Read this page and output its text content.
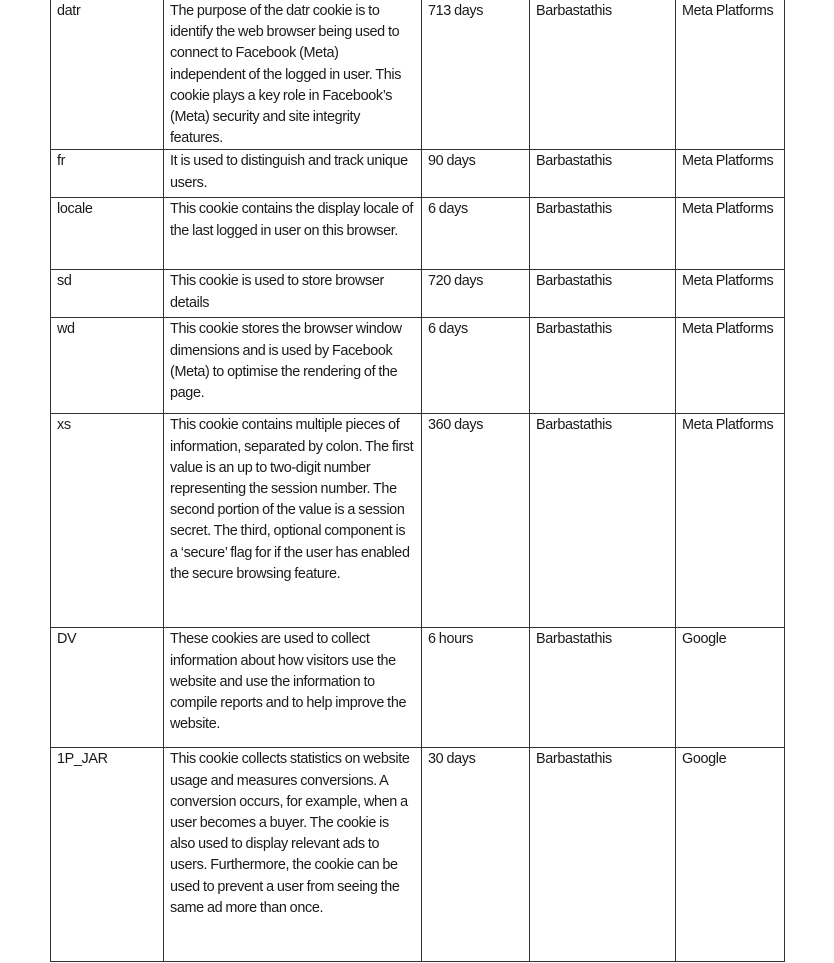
datr	The purpose of the datr cookie is to identify the web browser being used to connect to Facebook (Meta) independent of the logged in user. This cookie plays a key role in Facebook’s (Meta) security and site integrity features.	713 days	Barbastathis	Meta Platforms
fr	It is used to distinguish and track unique users.	90 days	Barbastathis	Meta Platforms
locale	This cookie contains the display locale of the last logged in user on this browser.	6 days	Barbastathis	Meta Platforms
sd	This cookie is used to store browser details	720 days	Barbastathis	Meta Platforms
wd	This cookie stores the browser window dimensions and is used by Facebook (Meta) to optimise the rendering of the page.	6 days	Barbastathis	Meta Platforms
xs	This cookie contains multiple pieces of information, separated by colon. The first value is an up to two-digit number representing the session number. The second portion of the value is a session secret. The third, optional component is a ‘secure’ flag for if the user has enabled the secure browsing feature.	360 days	Barbastathis	Meta Platforms
DV	These cookies are used to collect information about how visitors use the website and use the information to compile reports and to help improve the website.	6 hours	Barbastathis	Google
1P_JAR	This cookie collects statistics on website usage and measures conversions. A conversion occurs, for example, when a user becomes a buyer. The cookie is also used to display relevant ads to users. Furthermore, the cookie can be used to prevent a user from seeing the same ad more than once.	30 days	Barbastathis	Google
